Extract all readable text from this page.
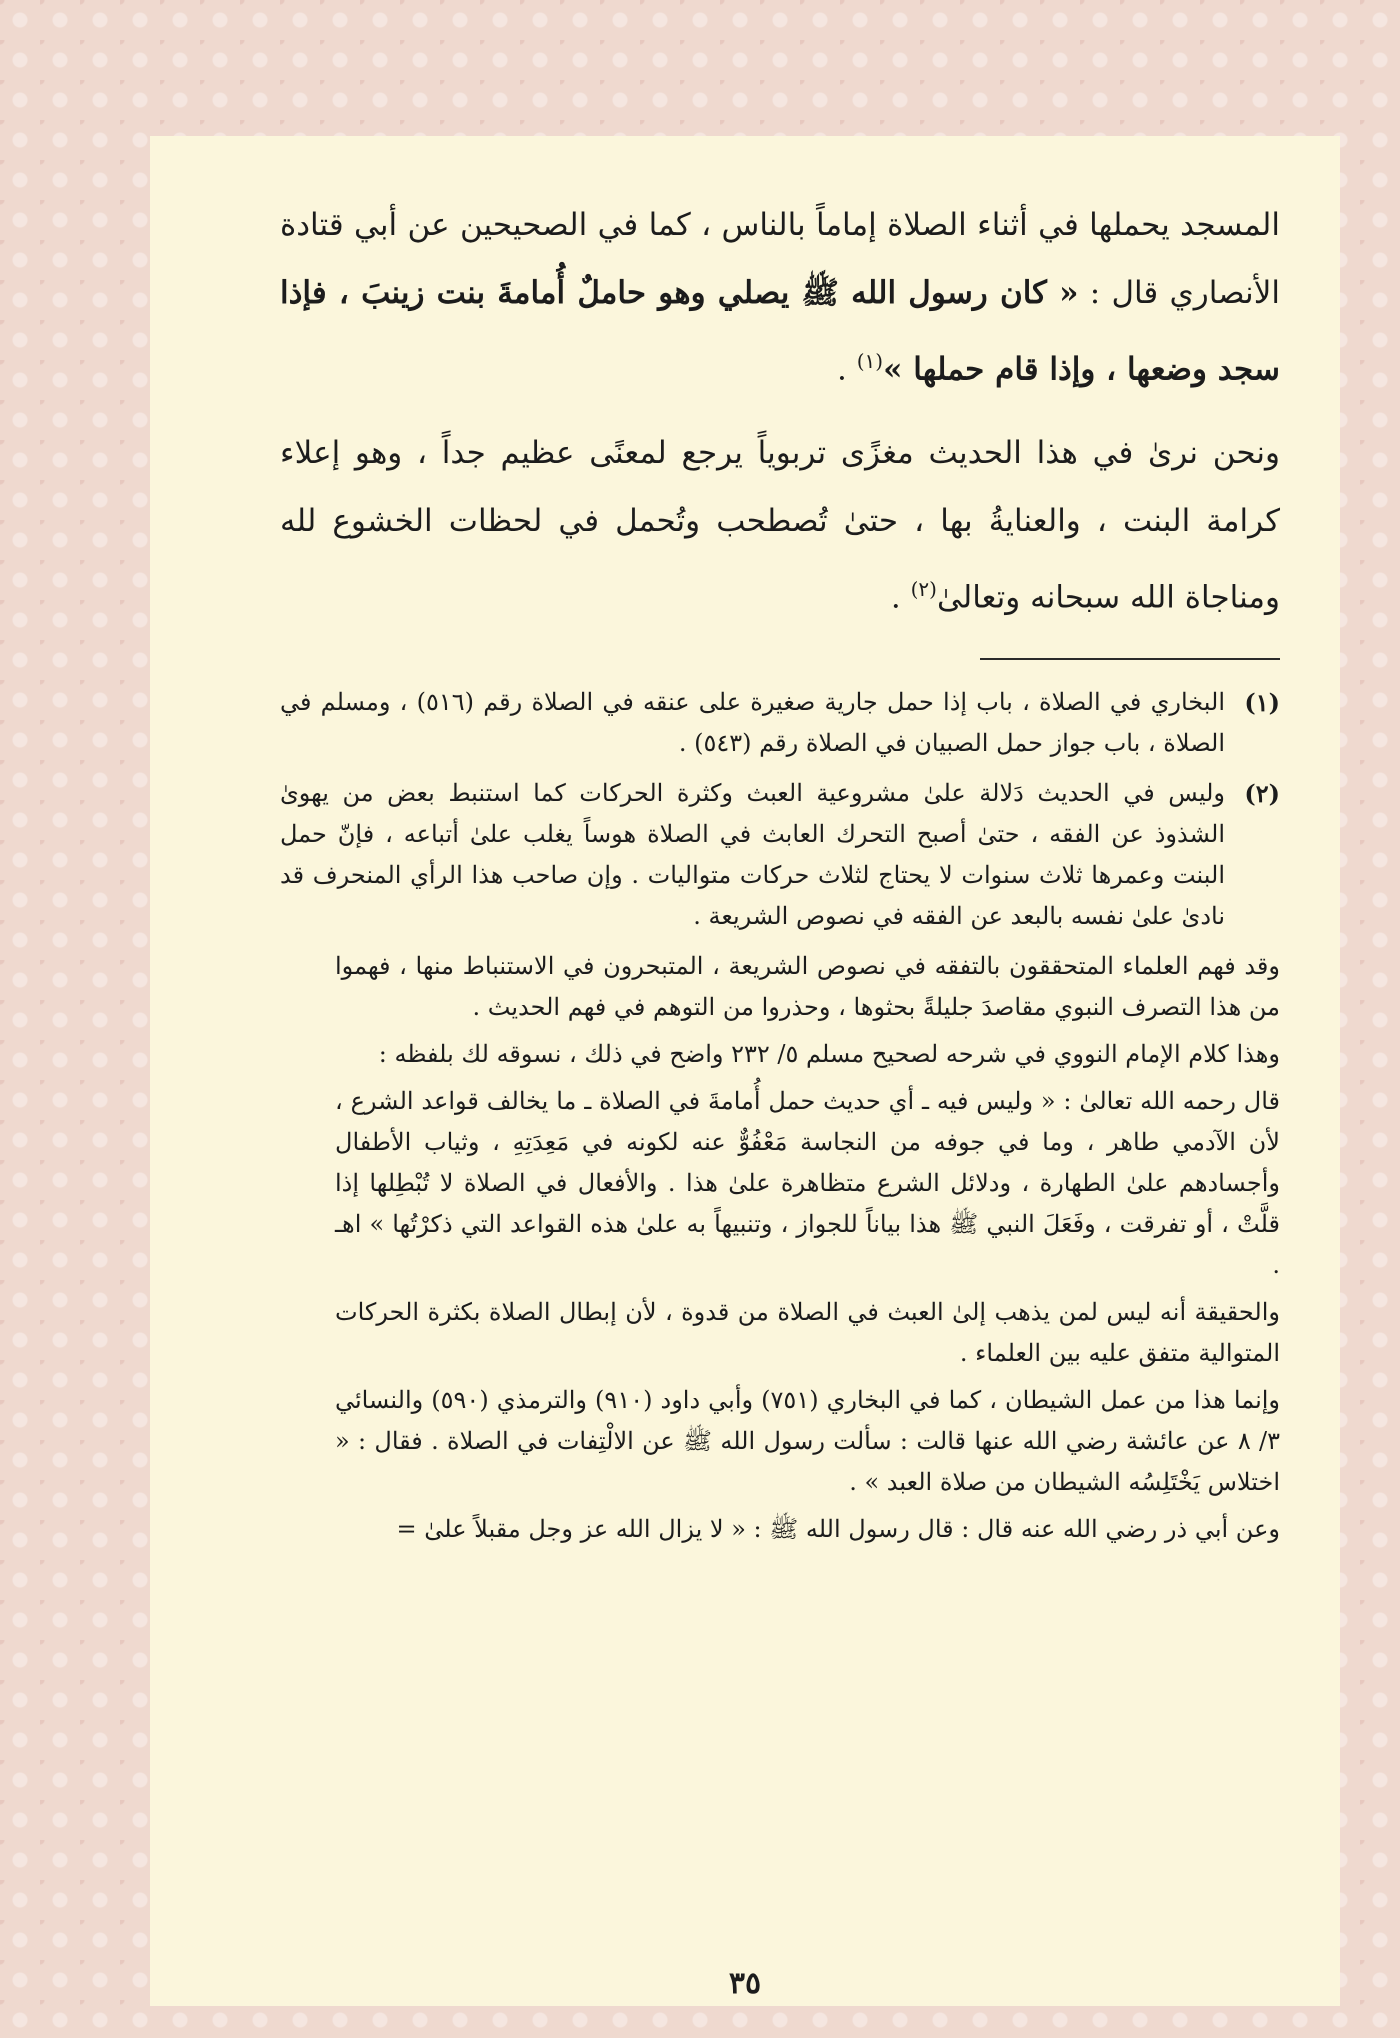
المسجد يحملها في أثناء الصلاة إماماً بالناس ، كما في الصحيحين عن أبي قتادة الأنصاري قال : « كان رسول الله ﷺ يصلي وهو حاملٌ أُمامةَ بنت زينبَ ، فإذا سجد وضعها ، وإذا قام حملها »$^{(١)}$ .

ونحن نرىٰ في هذا الحديث مغزًى تربوياً يرجع لمعنًى عظيم جداً ، وهو إعلاء كرامة البنت ، والعنايةُ بها ، حتىٰ تُصطحب وتُحمل في لحظات الخشوع لله ومناجاة الله سبحانه وتعالىٰ$^{(٢)}$ .

(١)

البخاري في الصلاة ، باب إذا حمل جارية صغيرة على عنقه في الصلاة رقم (٥١٦) ، ومسلم في الصلاة ، باب جواز حمل الصبيان في الصلاة رقم (٥٤٣) .

(٢)

وليس في الحديث دَلالة علىٰ مشروعية العبث وكثرة الحركات كما استنبط بعض من يهوىٰ الشذوذ عن الفقه ، حتىٰ أصبح التحرك العابث في الصلاة هوساً يغلب علىٰ أتباعه ، فإنّ حمل البنت وعمرها ثلاث سنوات لا يحتاج لثلاث حركات متواليات . وإن صاحب هذا الرأي المنحرف قد نادىٰ علىٰ نفسه بالبعد عن الفقه في نصوص الشريعة .

وقد فهم العلماء المتحققون بالتفقه في نصوص الشريعة ، المتبحرون في الاستنباط منها ، فهموا من هذا التصرف النبوي مقاصدَ جليلةً بحثوها ، وحذروا من التوهم في فهم الحديث .

وهذا كلام الإمام النووي في شرحه لصحيح مسلم ٥/ ٢٣٢ واضح في ذلك ، نسوقه لك بلفظه :

قال رحمه الله تعالىٰ : « وليس فيه ـ أي حديث حمل أُمامةَ في الصلاة ـ ما يخالف قواعد الشرع ، لأن الآدمي طاهر ، وما في جوفه من النجاسة مَعْفُوٌّ عنه لكونه في مَعِدَتِهِ ، وثياب الأطفال وأجسادهم علىٰ الطهارة ، ودلائل الشرع متظاهرة علىٰ هذا . والأفعال في الصلاة لا تُبْطِلها إذا قلَّتْ ، أو تفرقت ، وفَعَلَ النبي ﷺ هذا بياناً للجواز ، وتنبيهاً به علىٰ هذه القواعد التي ذكرْتُها » اهـ .

والحقيقة أنه ليس لمن يذهب إلىٰ العبث في الصلاة من قدوة ، لأن إبطال الصلاة بكثرة الحركات المتوالية متفق عليه بين العلماء .

وإنما هذا من عمل الشيطان ، كما في البخاري (٧٥١) وأبي داود (٩١٠) والترمذي (٥٩٠) والنسائي ٣/ ٨ عن عائشة رضي الله عنها قالت : سألت رسول الله ﷺ عن الالْتِفات في الصلاة . فقال : « اختلاس يَخْتَلِسُه الشيطان من صلاة العبد » .

وعن أبي ذر رضي الله عنه قال : قال رسول الله ﷺ : « لا يزال الله عز وجل مقبلاً علىٰ =

٣٥
